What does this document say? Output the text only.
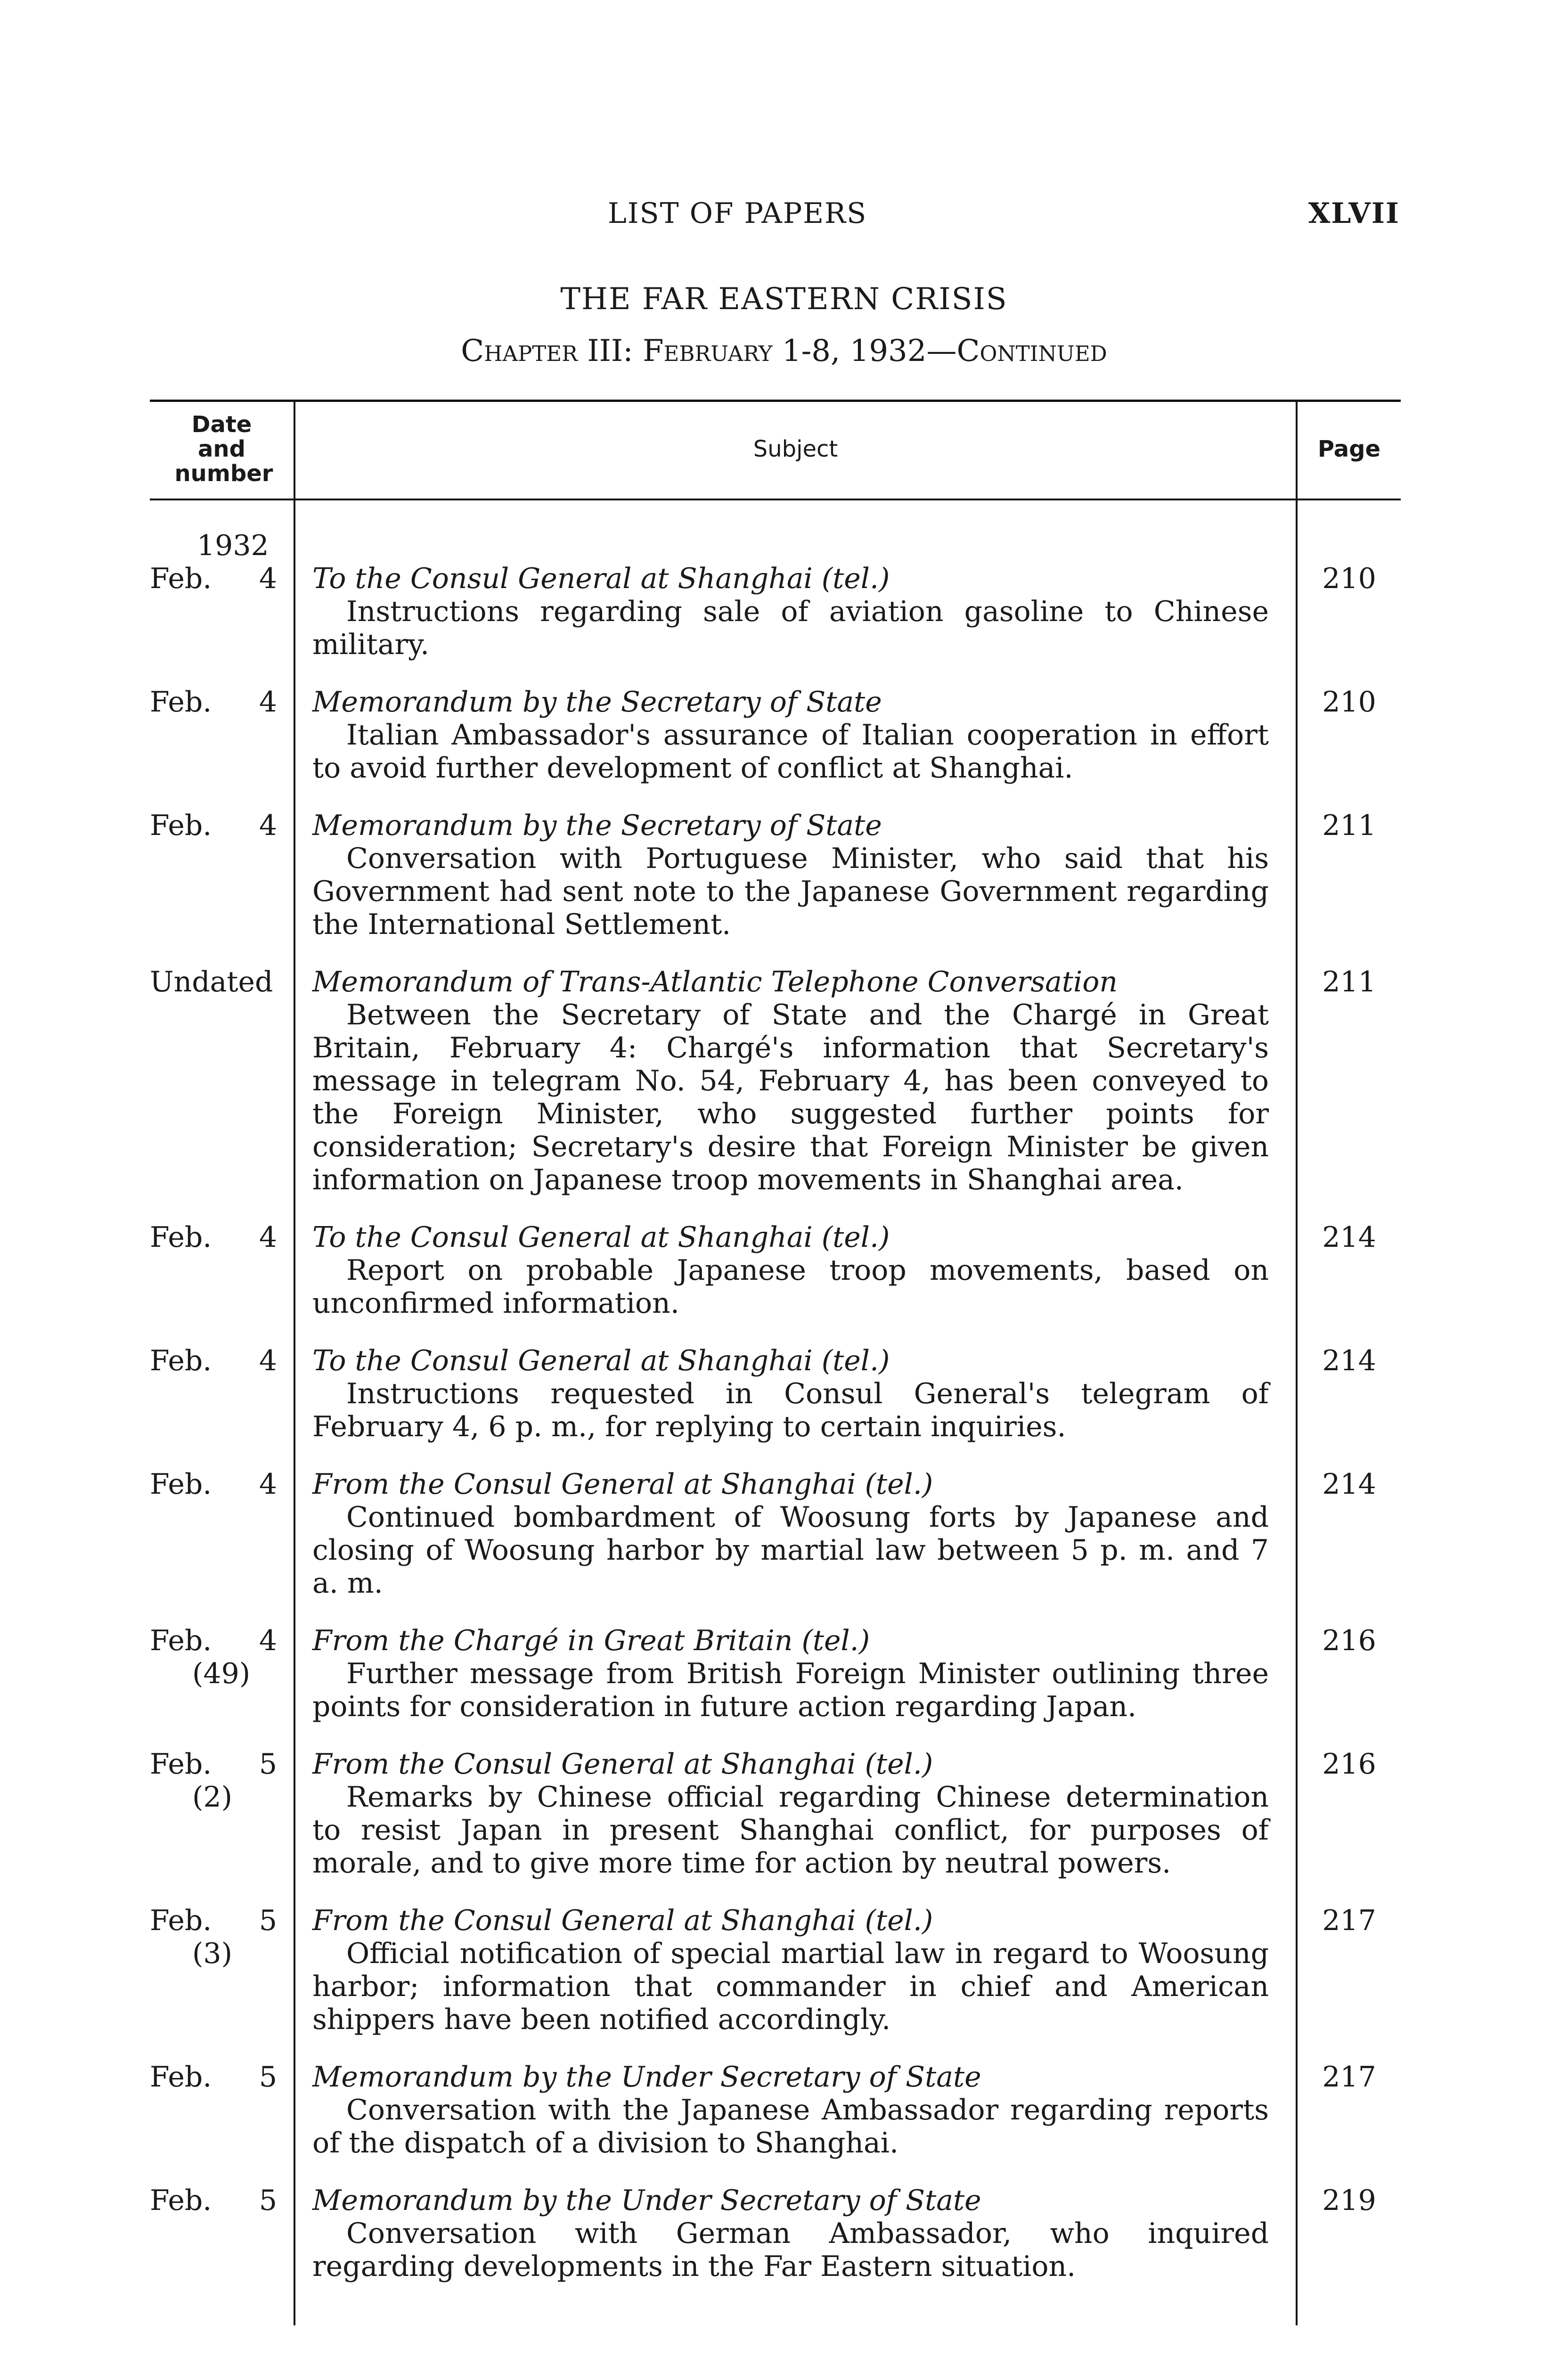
LIST OF PAPERS	XLVII
THE FAR EASTERN CRISIS
Chapter III: February 1-8, 1932—Continued
Date and number
Subject	Page
1932
Feb. 4 To the Consul General at Shanghai (tel.)
Instructions regarding sale of aviation gasoline to Chinese military.
210
Feb. 4 Memorandum by the Secretary of State
Italian Ambassador's assurance of Italian cooperation in effort to avoid further development of conflict at Shanghai.
210
Feb. 4 Memorandum by the Secretary of State
Conversation with Portuguese Minister, who said that his Government had sent note to the Japanese Government regarding the International Settlement.
211
Undated Memorandum of Trans-Atlantic Telephone Conversation
Between the Secretary of State and the Chargé in Great Britain, February 4: Chargé's information that Secretary's message in telegram No. 54, February 4, has been conveyed to the Foreign Minister, who suggested further points for consideration; Secretary's desire that Foreign Minister be given information on Japanese troop movements in Shanghai area.
211
Feb. 4 To the Consul General at Shanghai (tel.)
Report on probable Japanese troop movements, based on unconfirmed information.
214
Feb. 4 To the Consul General at Shanghai (tel.)
Instructions requested in Consul General's telegram of February 4, 6 p. m., for replying to certain inquiries.
214
Feb. 4 From the Consul General at Shanghai (tel.)
Continued bombardment of Woosung forts by Japanese and closing of Woosung harbor by martial law between 5 p. m. and 7 a. m.
214
Feb. 4
(49)
From the Chargé in Great Britain (tel.)
Further message from British Foreign Minister outlining three points for consideration in future action regarding Japan.
216
Feb. 5
(2)
From the Consul General at Shanghai (tel.)
Remarks by Chinese official regarding Chinese determination to resist Japan in present Shanghai conflict, for purposes of morale, and to give more time for action by neutral powers.
216
Feb. 5
(3)
From the Consul General at Shanghai (tel.)
Official notification of special martial law in regard to Woosung harbor; information that commander in chief and American shippers have been notified accordingly.
217
Feb. 5 Memorandum by the Under Secretary of State
Conversation with the Japanese Ambassador regarding reports of the dispatch of a division to Shanghai.
217
Feb. 5 Memorandum by the Under Secretary of State
Conversation with German Ambassador, who inquired regarding developments in the Far Eastern situation.
219
